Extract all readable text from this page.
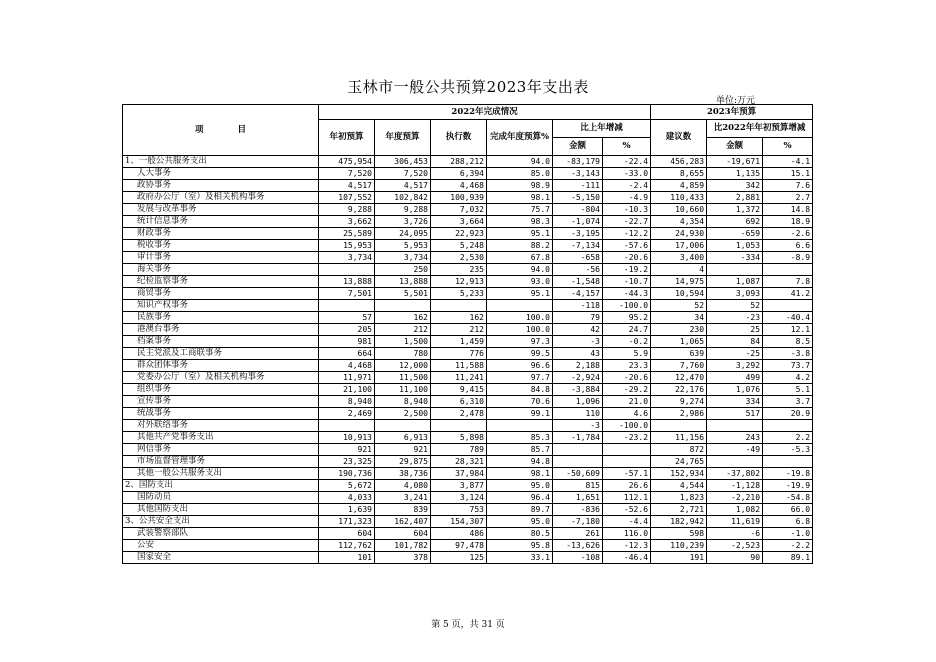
玉林市一般公共预算2023年支出表
单位:万元
项　　　　目	2022年完成情况						2023年预算		
	年初预算	年度预算	执行数	完成年度预算%	比上年增减		建议数	比2022年年初预算增减	
					金额	%		金额	%
1、一般公共服务支出	475,954	306,453	288,212	94.0	-83,179	-22.4	456,283	-19,671	-4.1
人大事务	7,520	7,520	6,394	85.0	-3,143	-33.0	8,655	1,135	15.1
政协事务	4,517	4,517	4,468	98.9	-111	-2.4	4,859	342	7.6
政府办公厅（室）及相关机构事务	107,552	102,842	100,939	98.1	-5,150	-4.9	110,433	2,881	2.7
发展与改革事务	9,288	9,288	7,032	75.7	-804	-10.3	10,660	1,372	14.8
统计信息事务	3,662	3,726	3,664	98.3	-1,074	-22.7	4,354	692	18.9
财政事务	25,589	24,095	22,923	95.1	-3,195	-12.2	24,930	-659	-2.6
税收事务	15,953	5,953	5,248	88.2	-7,134	-57.6	17,006	1,053	6.6
审计事务	3,734	3,734	2,530	67.8	-658	-20.6	3,400	-334	-8.9
海关事务		250	235	94.0	-56	-19.2	4		
纪检监察事务	13,888	13,888	12,913	93.0	-1,548	-10.7	14,975	1,087	7.8
商贸事务	7,501	5,501	5,233	95.1	-4,157	-44.3	10,594	3,093	41.2
知识产权事务					-118	-100.0	52	52	
民族事务	57	162	162	100.0	79	95.2	34	-23	-40.4
港澳台事务	205	212	212	100.0	42	24.7	230	25	12.1
档案事务	981	1,500	1,459	97.3	-3	-0.2	1,065	84	8.5
民主党派及工商联事务	664	780	776	99.5	43	5.9	639	-25	-3.8
群众团体事务	4,468	12,000	11,588	96.6	2,188	23.3	7,760	3,292	73.7
党委办公厅（室）及相关机构事务	11,971	11,500	11,241	97.7	-2,924	-20.6	12,470	499	4.2
组织事务	21,100	11,100	9,415	84.8	-3,884	-29.2	22,176	1,076	5.1
宣传事务	8,940	8,940	6,310	70.6	1,096	21.0	9,274	334	3.7
统战事务	2,469	2,500	2,478	99.1	110	4.6	2,986	517	20.9
对外联络事务					-3	-100.0			
其他共产党事务支出	10,913	6,913	5,898	85.3	-1,784	-23.2	11,156	243	2.2
网信事务	921	921	789	85.7			872	-49	-5.3
市场监督管理事务	23,325	29,875	28,321	94.8			24,765		
其他一般公共服务支出	190,736	38,736	37,984	98.1	-50,609	-57.1	152,934	-37,802	-19.8
2、国防支出	5,672	4,080	3,877	95.0	815	26.6	4,544	-1,128	-19.9
国防动员	4,033	3,241	3,124	96.4	1,651	112.1	1,823	-2,210	-54.8
其他国防支出	1,639	839	753	89.7	-836	-52.6	2,721	1,082	66.0
3、公共安全支出	171,323	162,407	154,307	95.0	-7,180	-4.4	182,942	11,619	6.8
武装警察部队	604	604	486	80.5	261	116.0	598	-6	-1.0
公安	112,762	101,782	97,478	95.8	-13,626	-12.3	110,239	-2,523	-2.2
国家安全	101	378	125	33.1	-108	-46.4	191	90	89.1
第 5 页，共 31 页
